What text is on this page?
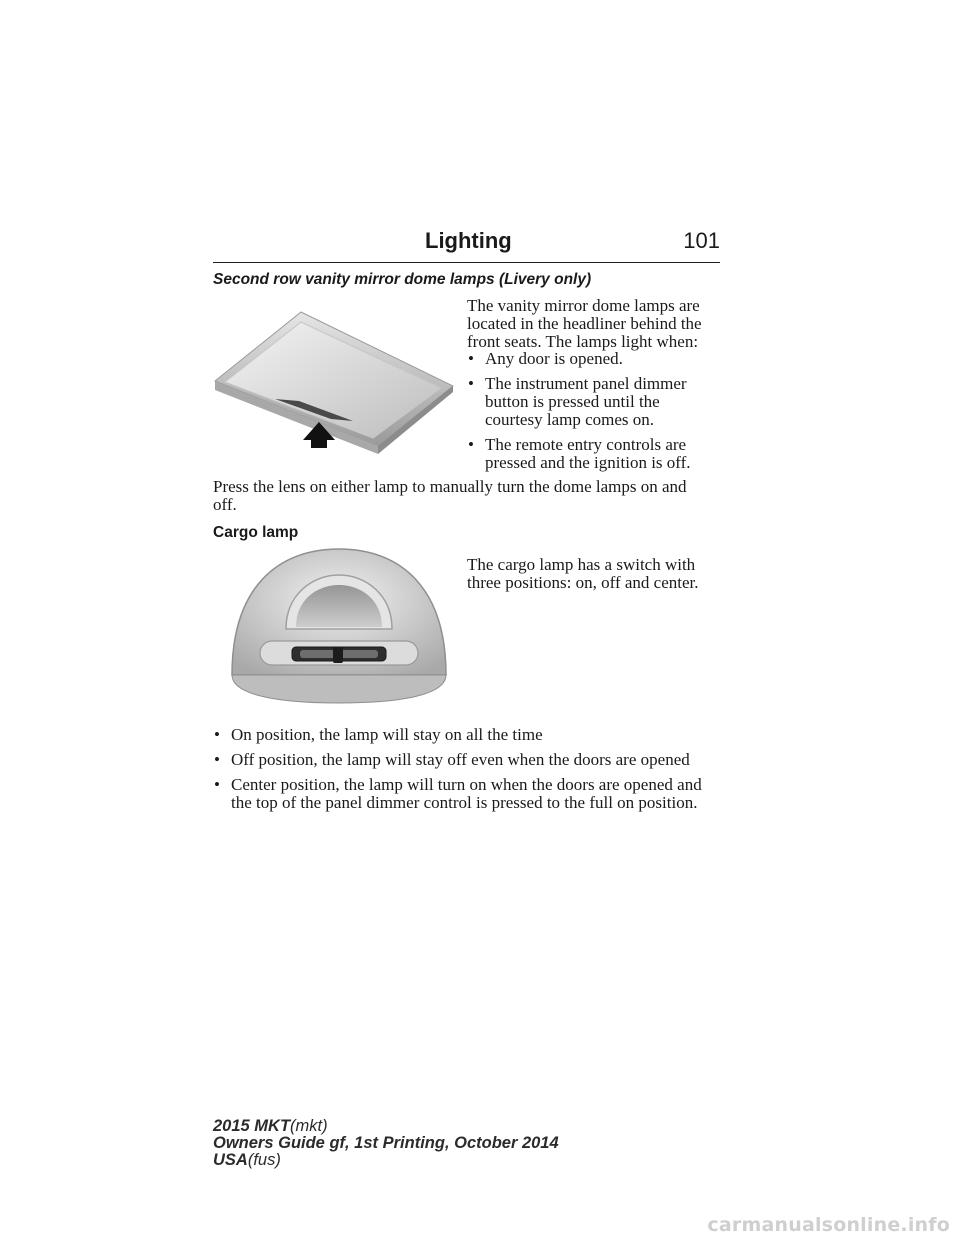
Lighting	101
Second row vanity mirror dome lamps (Livery only)
The vanity mirror dome lamps are
located in the headliner behind the
front seats. The lamps light when:
• Any door is opened.
• The instrument panel dimmer
button is pressed until the
courtesy lamp comes on.
• The remote entry controls are
pressed and the ignition is off.
Press the lens on either lamp to manually turn the dome lamps on and
off.
Cargo lamp
The cargo lamp has a switch with
three positions: on, off and center.
• On position, the lamp will stay on all the time
• Off position, the lamp will stay off even when the doors are opened
• Center position, the lamp will turn on when the doors are opened and
the top of the panel dimmer control is pressed to the full on position.
2015 MKT(mkt)
Owners Guide gf, 1st Printing, October 2014
USA(fus)
carmanualsonline.info
